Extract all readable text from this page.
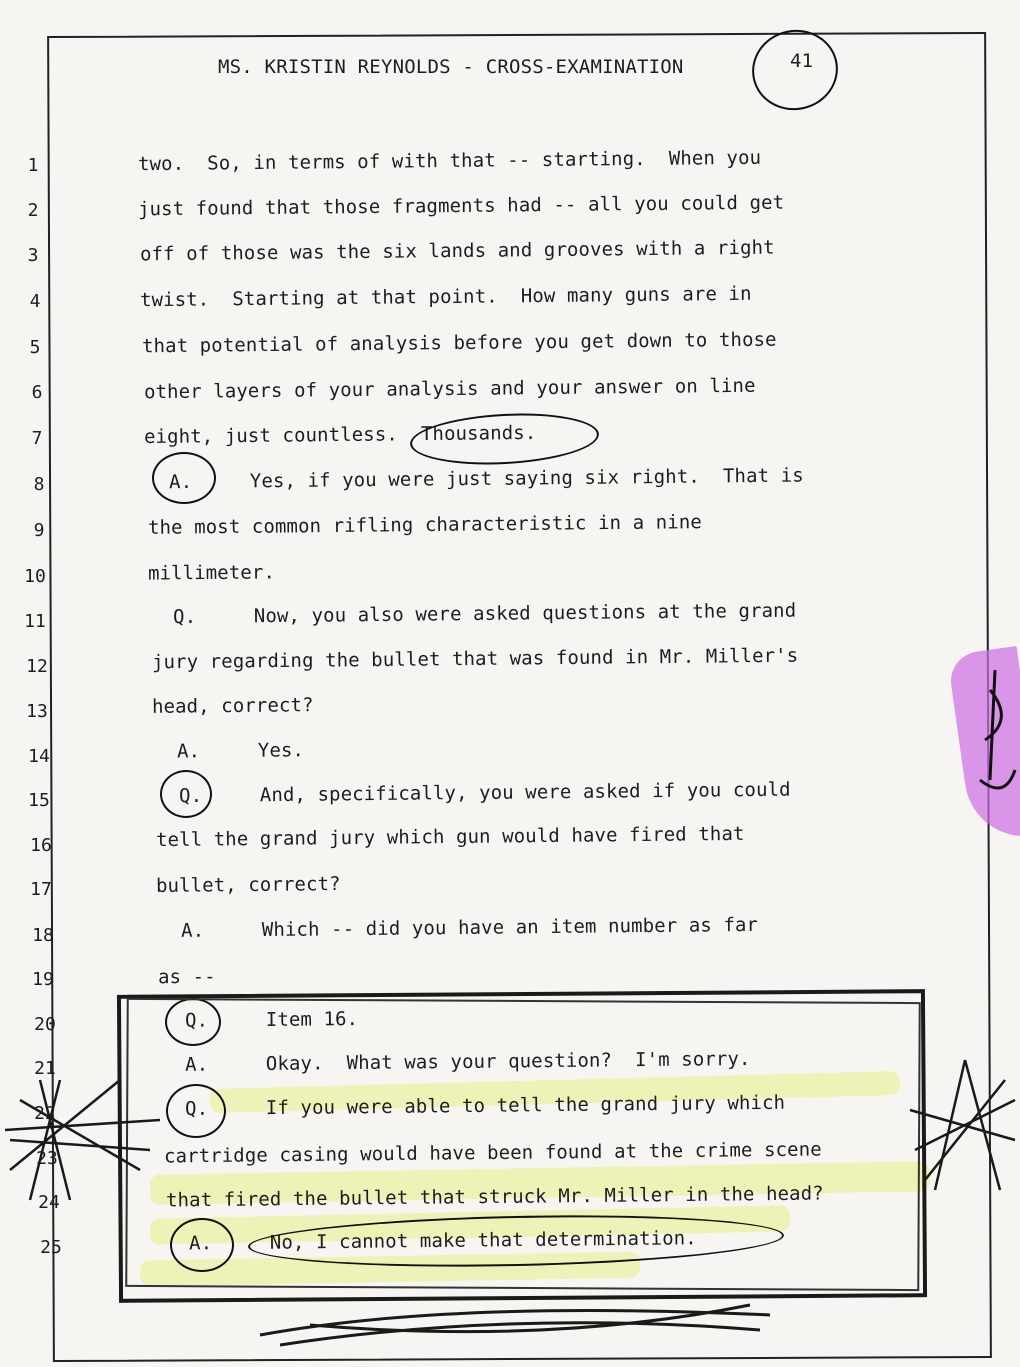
MS. KRISTIN REYNOLDS - CROSS-EXAMINATION	41
1
2
3
4
5
6
7
8
9
10
11
12
13
14
15
16
17
18
19
20
21
22
23
24
25
two.  So, in terms of with that -- starting.  When you
just found that those fragments had -- all you could get
off of those was the six lands and grooves with a right
twist.  Starting at that point.  How many guns are in
that potential of analysis before you get down to those
other layers of your analysis and your answer on line
eight, just countless.  Thousands.
A.     Yes, if you were just saying six right.  That is
the most common rifling characteristic in a nine
millimeter.
Q.     Now, you also were asked questions at the grand
jury regarding the bullet that was found in Mr. Miller's
head, correct?
A.     Yes.
Q.     And, specifically, you were asked if you could
tell the grand jury which gun would have fired that
bullet, correct?
A.     Which -- did you have an item number as far
as --
Q.     Item 16.
A.     Okay.  What was your question?  I'm sorry.
Q.     If you were able to tell the grand jury which
cartridge casing would have been found at the crime scene
that fired the bullet that struck Mr. Miller in the head?
A.     No, I cannot make that determination.
